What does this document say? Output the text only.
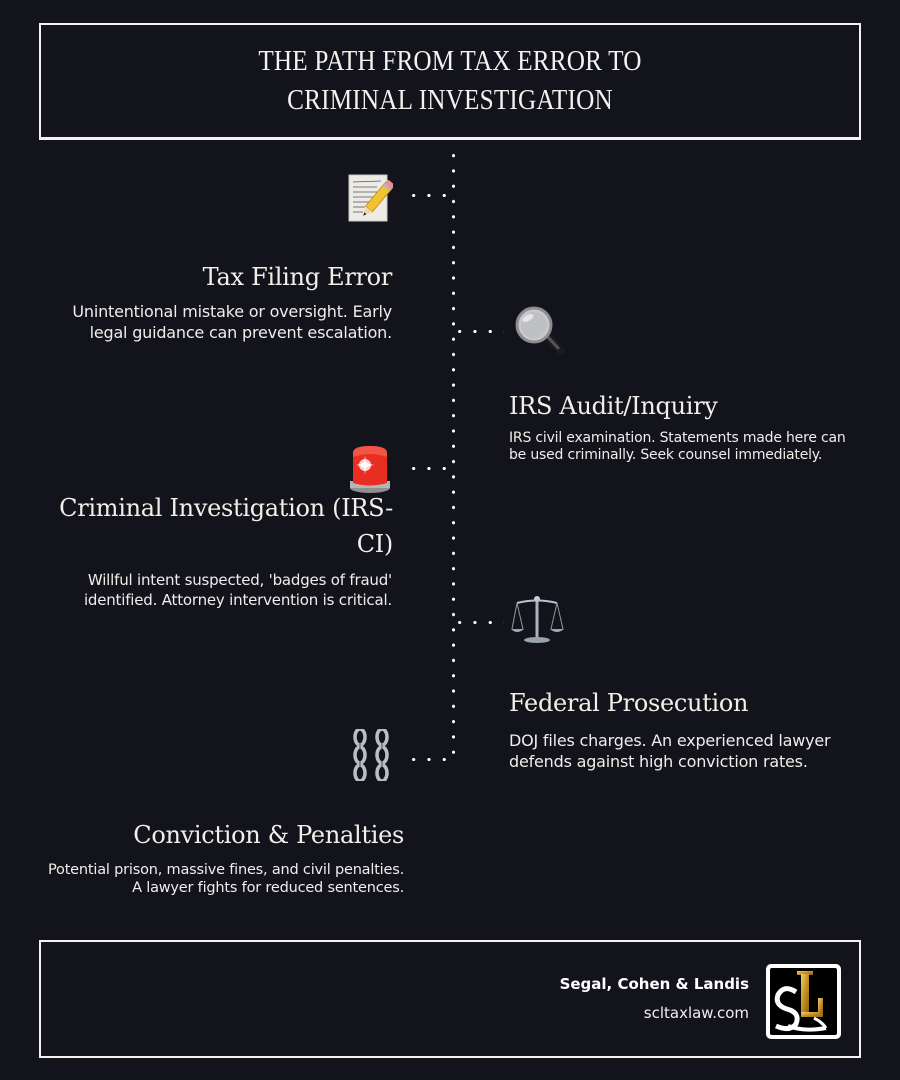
THE PATH FROM TAX ERROR TO CRIMINAL INVESTIGATION
Tax Filing Error
Unintentional mistake or oversight. Early legal guidance can prevent escalation.
IRS Audit/Inquiry
IRS civil examination. Statements made here can be used criminally. Seek counsel immediately.
Criminal Investigation (IRS-CI)
Willful intent suspected, 'badges of fraud' identified. Attorney intervention is critical.
Federal Prosecution
DOJ files charges. An experienced lawyer defends against high conviction rates.
Conviction & Penalties
Potential prison, massive fines, and civil penalties. A lawyer fights for reduced sentences.
Segal, Cohen & Landis
scltaxlaw.com
